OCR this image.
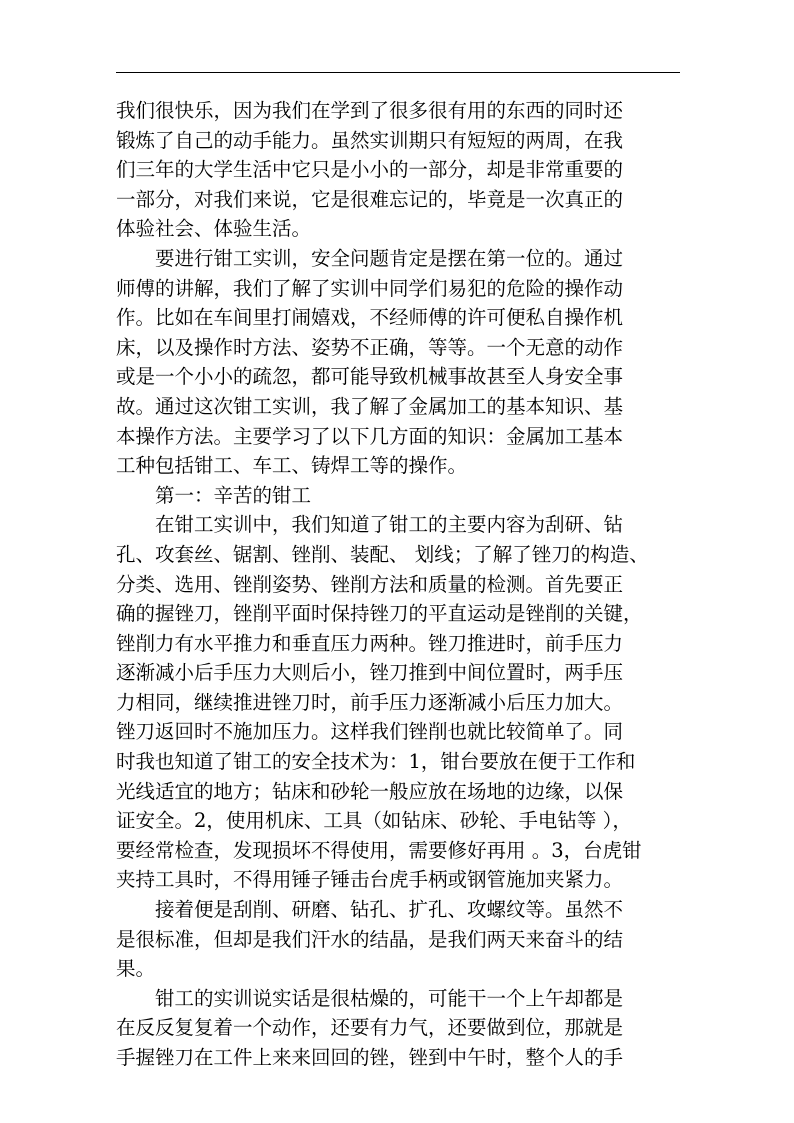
我们很快乐，因为我们在学到了很多很有用的东西的同时还
锻炼了自己的动手能力。虽然实训期只有短短的两周，在我
们三年的大学生活中它只是小小的一部分，却是非常重要的
一部分，对我们来说，它是很难忘记的，毕竟是一次真正的
体验社会、体验生活。
　　要进行钳工实训，安全问题肯定是摆在第一位的。通过
师傅的讲解，我们了解了实训中同学们易犯的危险的操作动
作。比如在车间里打闹嬉戏，不经师傅的许可便私自操作机
床，以及操作时方法、姿势不正确，等等。一个无意的动作
或是一个小小的疏忽，都可能导致机械事故甚至人身安全事
故。通过这次钳工实训，我了解了金属加工的基本知识、基
本操作方法。主要学习了以下几方面的知识：金属加工基本
工种包括钳工、车工、铸焊工等的操作。
　　第一：辛苦的钳工
　　在钳工实训中，我们知道了钳工的主要内容为刮研、钻
孔、攻套丝、锯割、锉削、装配、 划线；了解了锉刀的构造、
分类、选用、锉削姿势、锉削方法和质量的检测。首先要正
确的握锉刀，锉削平面时保持锉刀的平直运动是锉削的关键，
锉削力有水平推力和垂直压力两种。锉刀推进时，前手压力
逐渐减小后手压力大则后小，锉刀推到中间位置时，两手压
力相同，继续推进锉刀时，前手压力逐渐减小后压力加大。
锉刀返回时不施加压力。这样我们锉削也就比较简单了。同
时我也知道了钳工的安全技术为：1，钳台要放在便于工作和
光线适宜的地方；钻床和砂轮一般应放在场地的边缘，以保
证安全。2，使用机床、工具（如钻床、砂轮、手电钻等 ），
要经常检查，发现损坏不得使用，需要修好再用 。3，台虎钳
夹持工具时，不得用锤子锤击台虎手柄或钢管施加夹紧力。
　　接着便是刮削、研磨、钻孔、扩孔、攻螺纹等。虽然不
是很标准，但却是我们汗水的结晶，是我们两天来奋斗的结
果。
　　钳工的实训说实话是很枯燥的，可能干一个上午却都是
在反反复复着一个动作，还要有力气，还要做到位，那就是
手握锉刀在工件上来来回回的锉，锉到中午时，整个人的手
